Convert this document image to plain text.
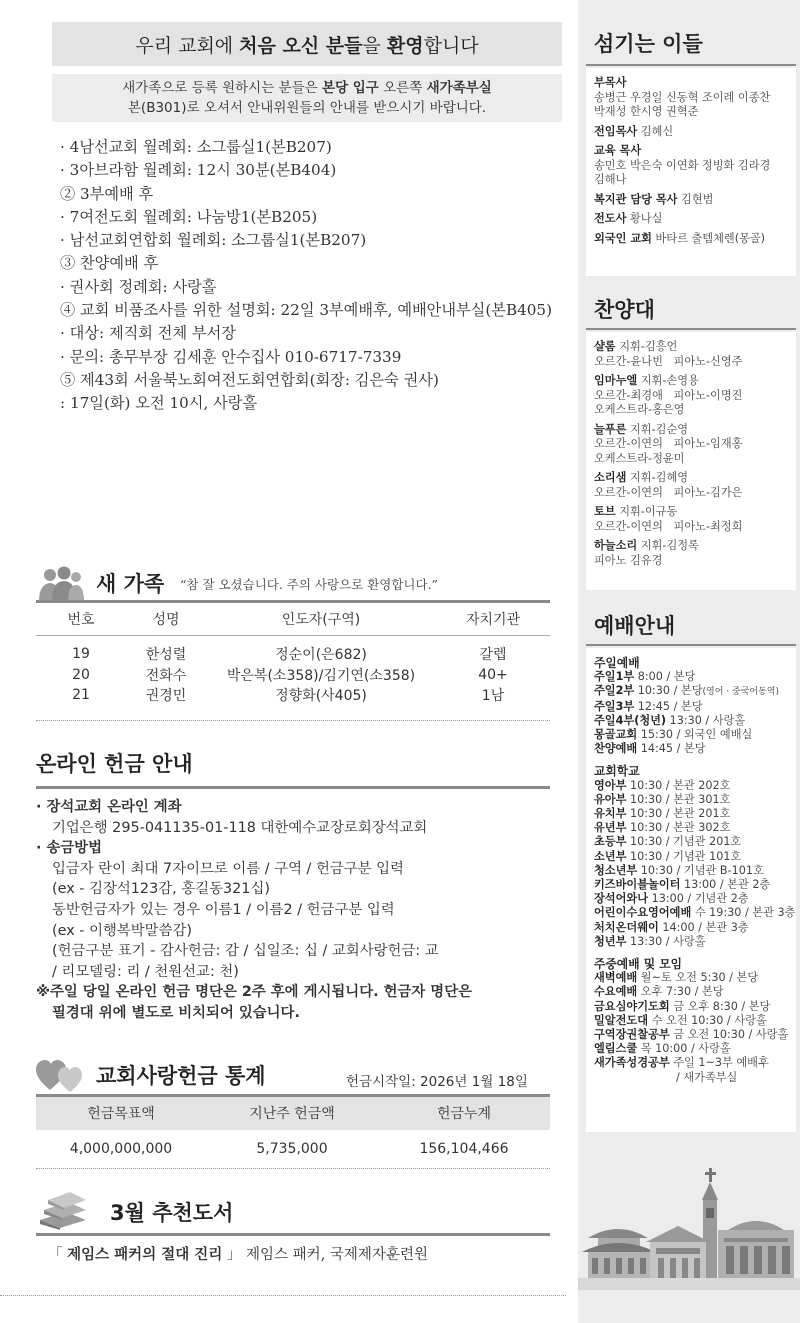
우리 교회에 처음 오신 분들을 환영합니다
새가족으로 등록 원하시는 분들은 본당 입구 오른쪽 새가족부실
본(B301)로 오셔서 안내위원들의 안내를 받으시기 바랍니다.
· 4남선교회 월례회: 소그룹실1(본B207)
· 3아브라함 월례회: 12시 30분(본B404)
② 3부예배 후
· 7여전도회 월례회: 나눔방1(본B205)
· 남선교회연합회 월례회: 소그룹실1(본B207)
③ 찬양예배 후
· 권사회 정례회: 사랑홀
④ 교회 비품조사를 위한 설명회: 22일 3부예배후, 예배안내부실(본B405)
· 대상: 제직회 전체 부서장
· 문의: 총무부장 김세훈 안수집사 010-6717-7339
⑤ 제43회 서울북노회여전도회연합회(회장: 김은숙 권사)
: 17일(화) 오전 10시, 사랑홀
새 가족 “참 잘 오셨습니다. 주의 사랑으로 환영합니다.”
번호	성명	인도자(구역)	자치기관
19	한성렬	정순이(은682)	갈렙
20	전화수	박은복(소358)/김기연(소358)	40+
21	권경민	정향화(사405)	1남
온라인 헌금 안내
· 장석교회 온라인 계좌
기업은행 295-041135-01-118 대한예수교장로회장석교회
· 송금방법
입금자 란이 최대 7자이므로 이름 / 구역 / 헌금구분 입력
(ex - 김장석123감, 홍길동321십)
동반헌금자가 있는 경우 이름1 / 이름2 / 헌금구분 입력
(ex - 이행복박말씀감)
(헌금구분 표기 - 감사헌금: 감 / 십일조: 십 / 교회사랑헌금: 교
/ 리모델링: 리 / 천원선교: 천)
※주일 당일 온라인 헌금 명단은 2주 후에 게시됩니다. 헌금자 명단은
필경대 위에 별도로 비치되어 있습니다.
교회사랑헌금 통계	헌금시작일: 2026년 1월 18일
헌금목표액	지난주 헌금액	헌금누계
4,000,000,000	5,735,000	156,104,466
3월 추천도서
「 제임스 패커의 절대 진리 」 제임스 패커, 국제제자훈련원
섬기는 이들
부목사
송병근 우경일 신동혁 조이레 이종찬
박재성 한시영 권혁준
전임목사 김혜신
교육 목사
송민호 박은숙 이연화 정빙화 김라경
김해나
복지관 담당 목사 김현범
전도사 황나실
외국인 교회 바타르 출템체렌(몽골)
찬양대
샬롬 지휘-김흥언
오르간-윤나빈   피아노-신영주
임마누엘 지휘-손영용
오르간-최경애   피아노-이명진
오케스트라-홍은영
늘푸른 지휘-김순영
오르간-이연의   피아노-임재홍
오케스트라-정윤미
소리샘 지휘-김혜영
오르간-이연의   피아노-김가은
토브 지휘-이규동
오르간-이연의   피아노-최정희
하늘소리 지휘-김정록
피아노 김유경
예배안내
주일예배
주일1부 8:00 / 본당
주일2부 10:30 / 본당(영어 · 중국어동역)
주일3부 12:45 / 본당
주일4부(청년) 13:30 / 사랑홀
몽골교회 15:30 / 외국인 예배실
찬양예배 14:45 / 본당
교회학교
영아부 10:30 / 본관 202호
유아부 10:30 / 본관 301호
유치부 10:30 / 본관 201호
유년부 10:30 / 본관 302호
초등부 10:30 / 기념관 201호
소년부 10:30 / 기념관 101호
청소년부 10:30 / 기념관 B-101호
키즈바이블놀이터 13:00 / 본관 2층
장석어와나 13:00 / 기념관 2층
어린이수요영어예배 수 19:30 / 본관 3층
처치온더웨이 14:00 / 본관 3층
청년부 13:30 / 사랑홀
주중예배 및 모임
새벽예배 월~토 오전 5:30 / 본당
수요예배 오후 7:30 / 본당
금요심야기도회 금 오후 8:30 / 본당
밀알전도대 수 오전 10:30 / 사랑홀
구역장권찰공부 금 오전 10:30 / 사랑홀
엘림스쿨 목 10:00 / 사랑홀
새가족성경공부 주일 1~3부 예배후
/ 새가족부실
